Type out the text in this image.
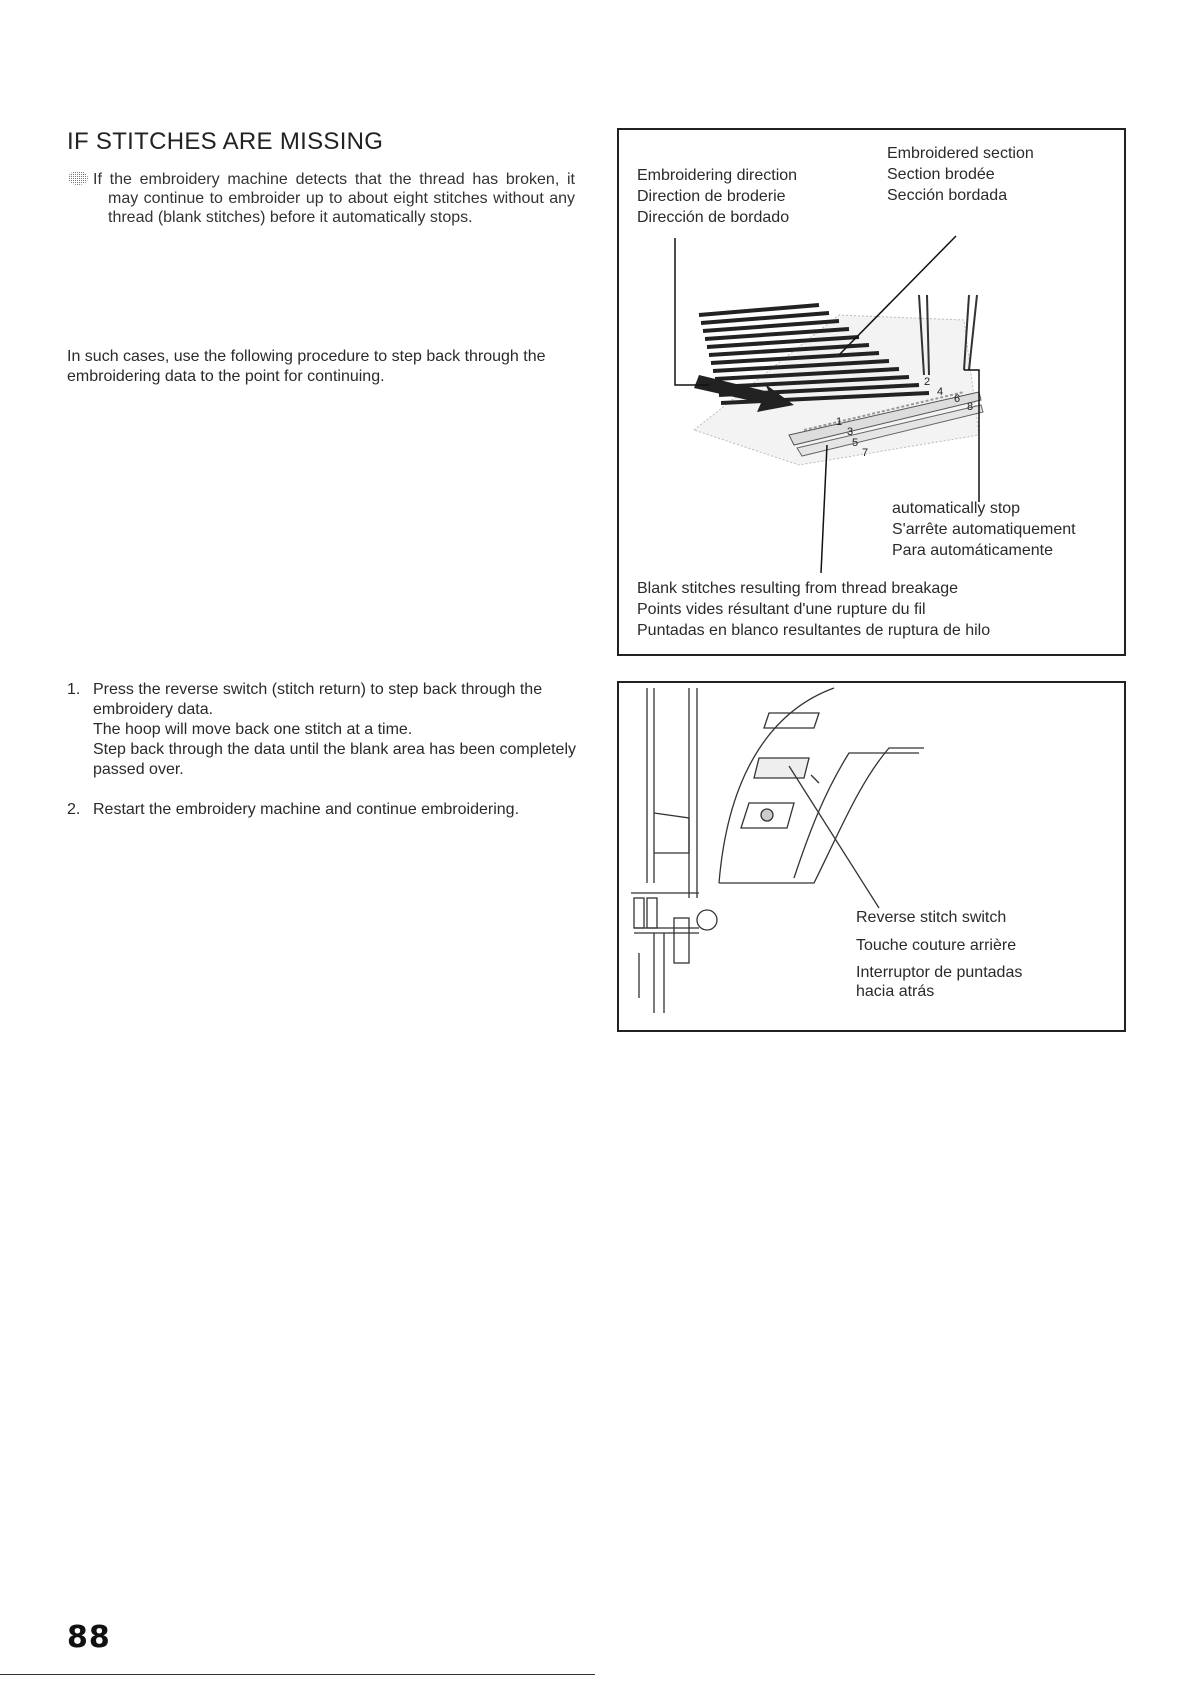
IF STITCHES ARE MISSING

If the embroidery machine detects that the thread has broken, it may continue to embroider up to about eight stitches without any thread (blank stitches) before it automatically stops.

In such cases, use the following procedure to step back through the embroidering data to the point for continuing.
1. Press the reverse switch (stitch return) to step back through the embroidery data.
The hoop will move back one stitch at a time.
Step back through the data until the blank area has been completely passed over.
2. Restart the embroidery machine and continue embroidering.
1
2
3
4
5
6
7
8
Embroidering direction
Direction de broderie
Dirección de bordado
Embroidered section
Section brodée
Sección bordada
automatically stop
S'arrête automatiquement
Para automáticamente
Blank stitches resulting from thread breakage
Points vides résultant d'une rupture du fil
Puntadas en blanco resultantes de ruptura de hilo
Reverse stitch switch
Touche couture arrière
Interruptor de puntadas
hacia atrás
88
